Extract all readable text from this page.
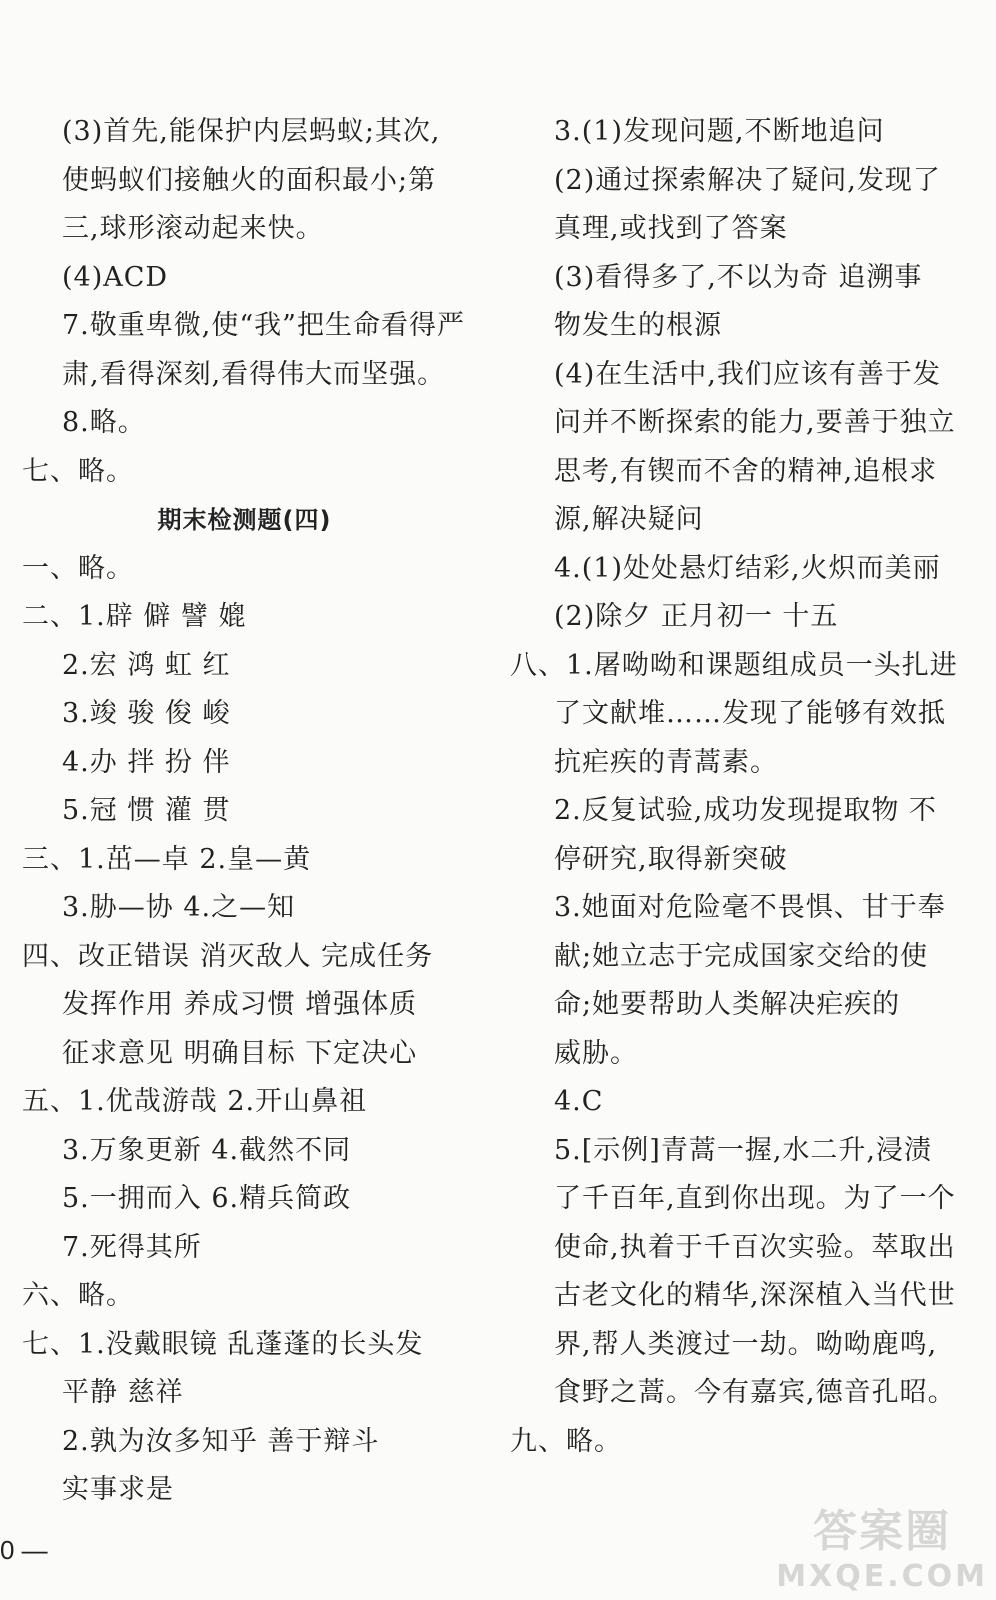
(3)首先,能保护内层蚂蚁;其次,
使蚂蚁们接触火的面积最小;第
三,球形滚动起来快。
(4)ACD
7.敬重卑微,使“我”把生命看得严
肃,看得深刻,看得伟大而坚强。
8.略。
七、略。
期末检测题(四)
一、略。
二、1.辟 僻 譬 媲
2.宏 鸿 虹 红
3.竣 骏 俊 峻
4.办 拌 扮 伴
5.冠 惯 灌 贯
三、1.茁—卓 2.皇—黄
3.胁—协 4.之—知
四、改正错误 消灭敌人 完成任务
发挥作用 养成习惯 增强体质
征求意见 明确目标 下定决心
五、1.优哉游哉 2.开山鼻祖
3.万象更新 4.截然不同
5.一拥而入 6.精兵简政
7.死得其所
六、略。
七、1.没戴眼镜 乱蓬蓬的长头发
平静 慈祥
2.孰为汝多知乎 善于辩斗
实事求是
3.(1)发现问题,不断地追问
(2)通过探索解决了疑问,发现了
真理,或找到了答案
(3)看得多了,不以为奇 追溯事
物发生的根源
(4)在生活中,我们应该有善于发
问并不断探索的能力,要善于独立
思考,有锲而不舍的精神,追根求
源,解决疑问
4.(1)处处悬灯结彩,火炽而美丽
(2)除夕 正月初一 十五
八、1.屠呦呦和课题组成员一头扎进
了文献堆……发现了能够有效抵
抗疟疾的青蒿素。
2.反复试验,成功发现提取物 不
停研究,取得新突破
3.她面对危险毫不畏惧、甘于奉
献;她立志于完成国家交给的使
命;她要帮助人类解决疟疾的
威胁。
4.C
5.[示例]青蒿一握,水二升,浸渍
了千百年,直到你出现。为了一个
使命,执着于千百次实验。萃取出
古老文化的精华,深深植入当代世
界,帮人类渡过一劫。呦呦鹿鸣,
食野之蒿。今有嘉宾,德音孔昭。
九、略。
0 —	答案圈
MXQE.COM
